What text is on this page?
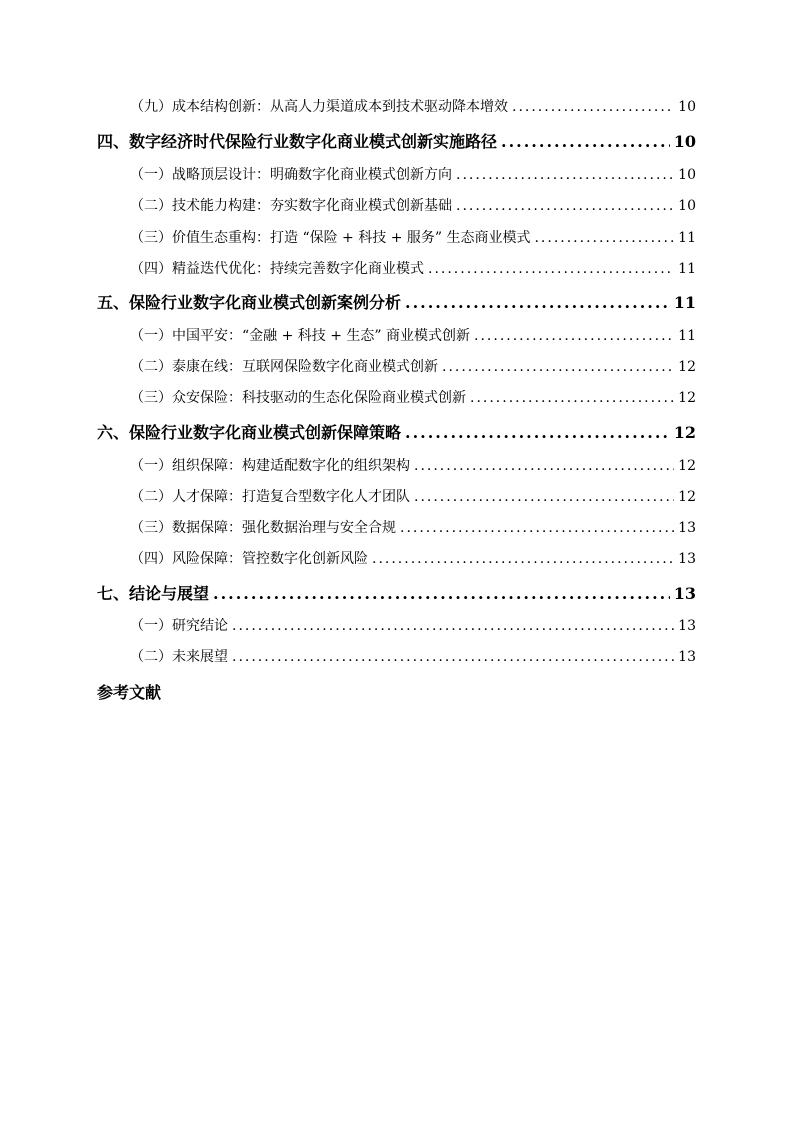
（九）成本结构创新：从高人力渠道成本到技术驱动降本增效 .....	10
四、数字经济时代保险行业数字化商业模式创新实施路径 .....	10
（一）战略顶层设计：明确数字化商业模式创新方向 .....	10
（二）技术能力构建：夯实数字化商业模式创新基础 .....	10
（三）价值生态重构：打造 “保险 + 科技 + 服务” 生态商业模式 .....	11
（四）精益迭代优化：持续完善数字化商业模式 .....	11
五、保险行业数字化商业模式创新案例分析 .....	11
（一）中国平安：“金融 + 科技 + 生态” 商业模式创新 .....	11
（二）泰康在线：互联网保险数字化商业模式创新 .....	12
（三）众安保险：科技驱动的生态化保险商业模式创新 .....	12
六、保险行业数字化商业模式创新保障策略 .....	12
（一）组织保障：构建适配数字化的组织架构 .....	12
（二）人才保障：打造复合型数字化人才团队 .....	12
（三）数据保障：强化数据治理与安全合规 .....	13
（四）风险保障：管控数字化创新风险 .....	13
七、结论与展望 .....	13
（一）研究结论 .....	13
（二）未来展望 .....	13
参考文献
